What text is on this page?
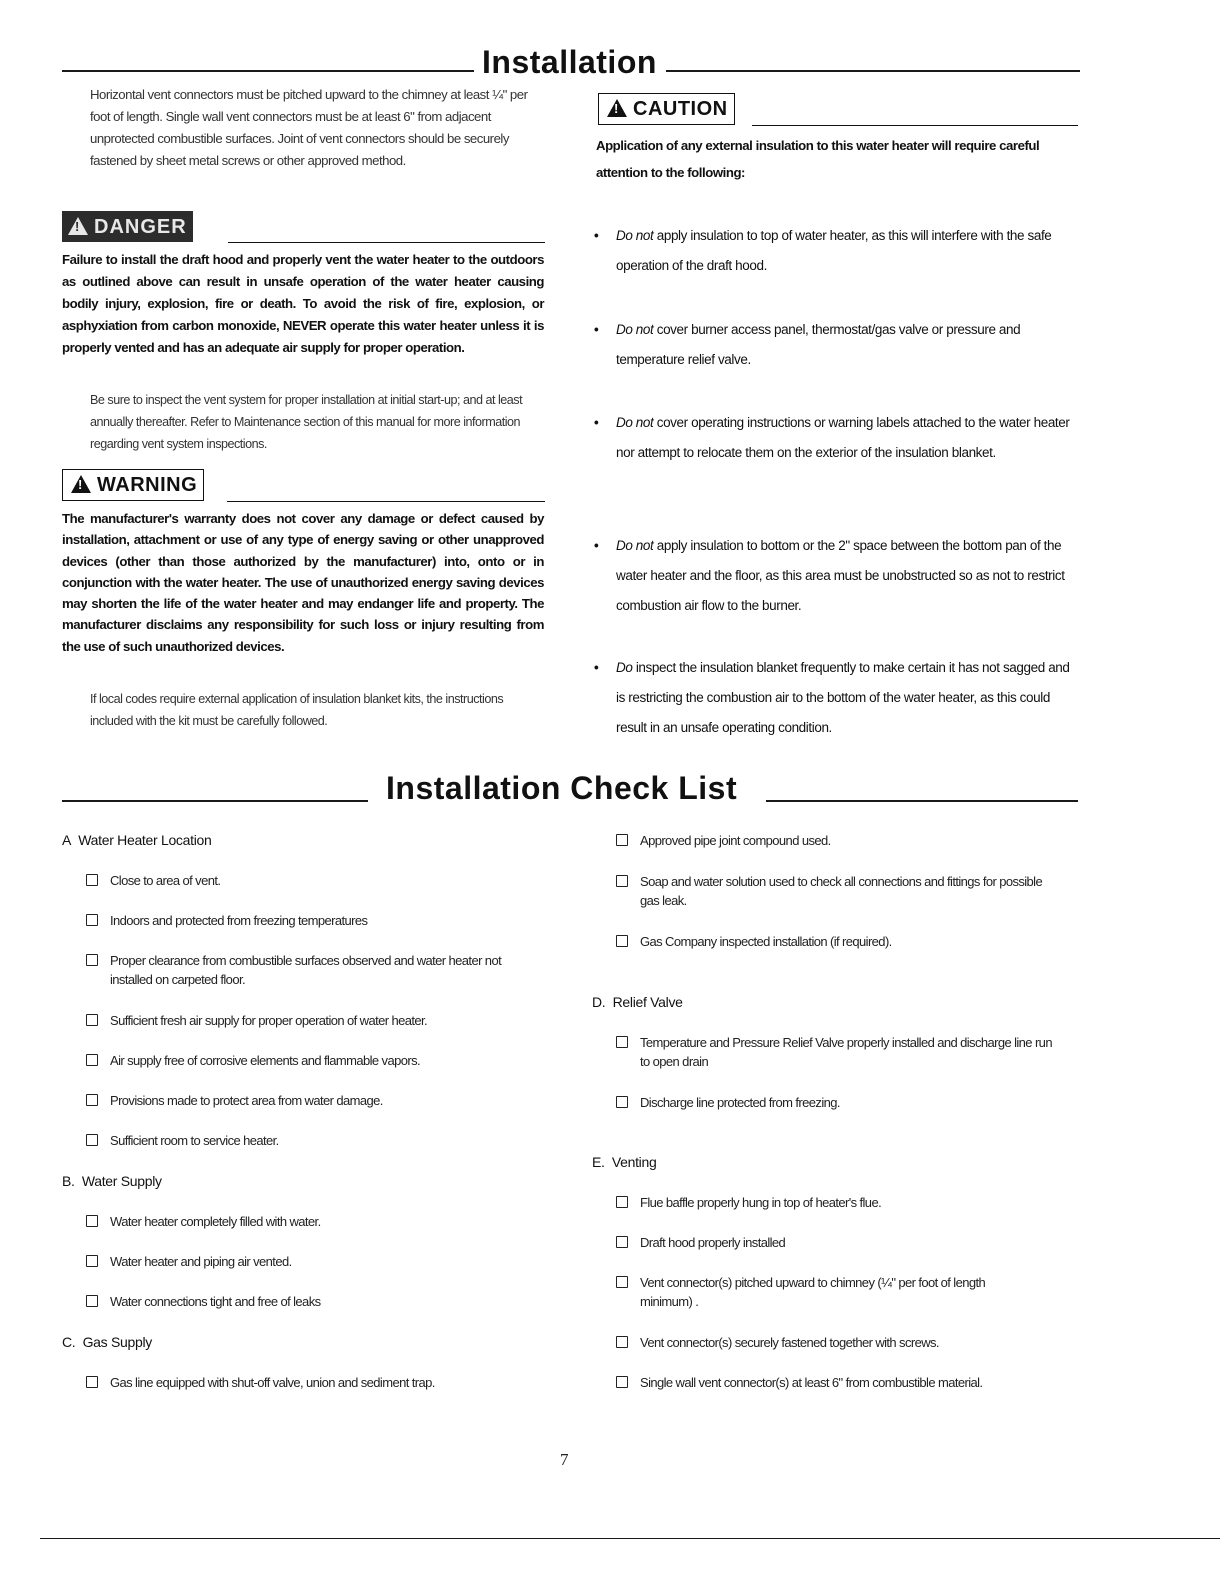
Installation
Horizontal vent connectors must be pitched upward to the chimney at least ¼" per foot of length. Single wall vent connectors must be at least 6" from adjacent unprotected combustible surfaces. Joint of vent connectors should be securely fastened by sheet metal screws or other approved method.
!DANGER
Failure to install the draft hood and properly vent the water heater to the outdoors as outlined above can result in unsafe operation of the water heater causing bodily injury, explosion, fire or death. To avoid the risk of fire, explosion, or asphyxiation from carbon monoxide, NEVER operate this water heater unless it is properly vented and has an adequate air supply for proper operation.
Be sure to inspect the vent system for proper installation at initial start-up; and at least annually thereafter. Refer to Maintenance section of this manual for more information regarding vent system inspections.
!WARNING
The manufacturer's warranty does not cover any damage or defect caused by installation, attachment or use of any type of energy saving or other unapproved devices (other than those authorized by the manufacturer) into, onto or in conjunction with the water heater. The use of unauthorized energy saving devices may shorten the life of the water heater and may endanger life and property. The manufacturer disclaims any responsibility for such loss or injury resulting from the use of such unauthorized devices.
If local codes require external application of insulation blanket kits, the instructions included with the kit must be carefully followed.
!CAUTION
Application of any external insulation to this water heater will require careful attention to the following:
• Do not apply insulation to top of water heater, as this will interfere with the safe operation of the draft hood.
• Do not cover burner access panel, thermostat/gas valve or pressure and temperature relief valve.
• Do not cover operating instructions or warning labels attached to the water heater nor attempt to relocate them on the exterior of the insulation blanket.
• Do not apply insulation to bottom or the 2" space between the bottom pan of the water heater and the floor, as this area must be unobstructed so as not to restrict combustion air flow to the burner.
• Do inspect the insulation blanket frequently to make certain it has not sagged and is restricting the combustion air to the bottom of the water heater, as this could result in an unsafe operating condition.
Installation Check List
A Water Heater Location
Close to area of vent.
Indoors and protected from freezing temperatures
Proper clearance from combustible surfaces observed and water heater not installed on carpeted floor.
Sufficient fresh air supply for proper operation of water heater.
Air supply free of corrosive elements and flammable vapors.
Provisions made to protect area from water damage.
Sufficient room to service heater.
B. Water Supply
Water heater completely filled with water.
Water heater and piping air vented.
Water connections tight and free of leaks
C. Gas Supply
Gas line equipped with shut-off valve, union and sediment trap.
Approved pipe joint compound used.
Soap and water solution used to check all connections and fittings for possible gas leak.
Gas Company inspected installation (if required).
D. Relief Valve
Temperature and Pressure Relief Valve properly installed and discharge line run to open drain
Discharge line protected from freezing.
E. Venting
Flue baffle properly hung in top of heater's flue.
Draft hood properly installed
Vent connector(s) pitched upward to chimney (¼" per foot of length minimum) .
Vent connector(s) securely fastened together with screws.
Single wall vent connector(s) at least 6" from combustible material.
7
